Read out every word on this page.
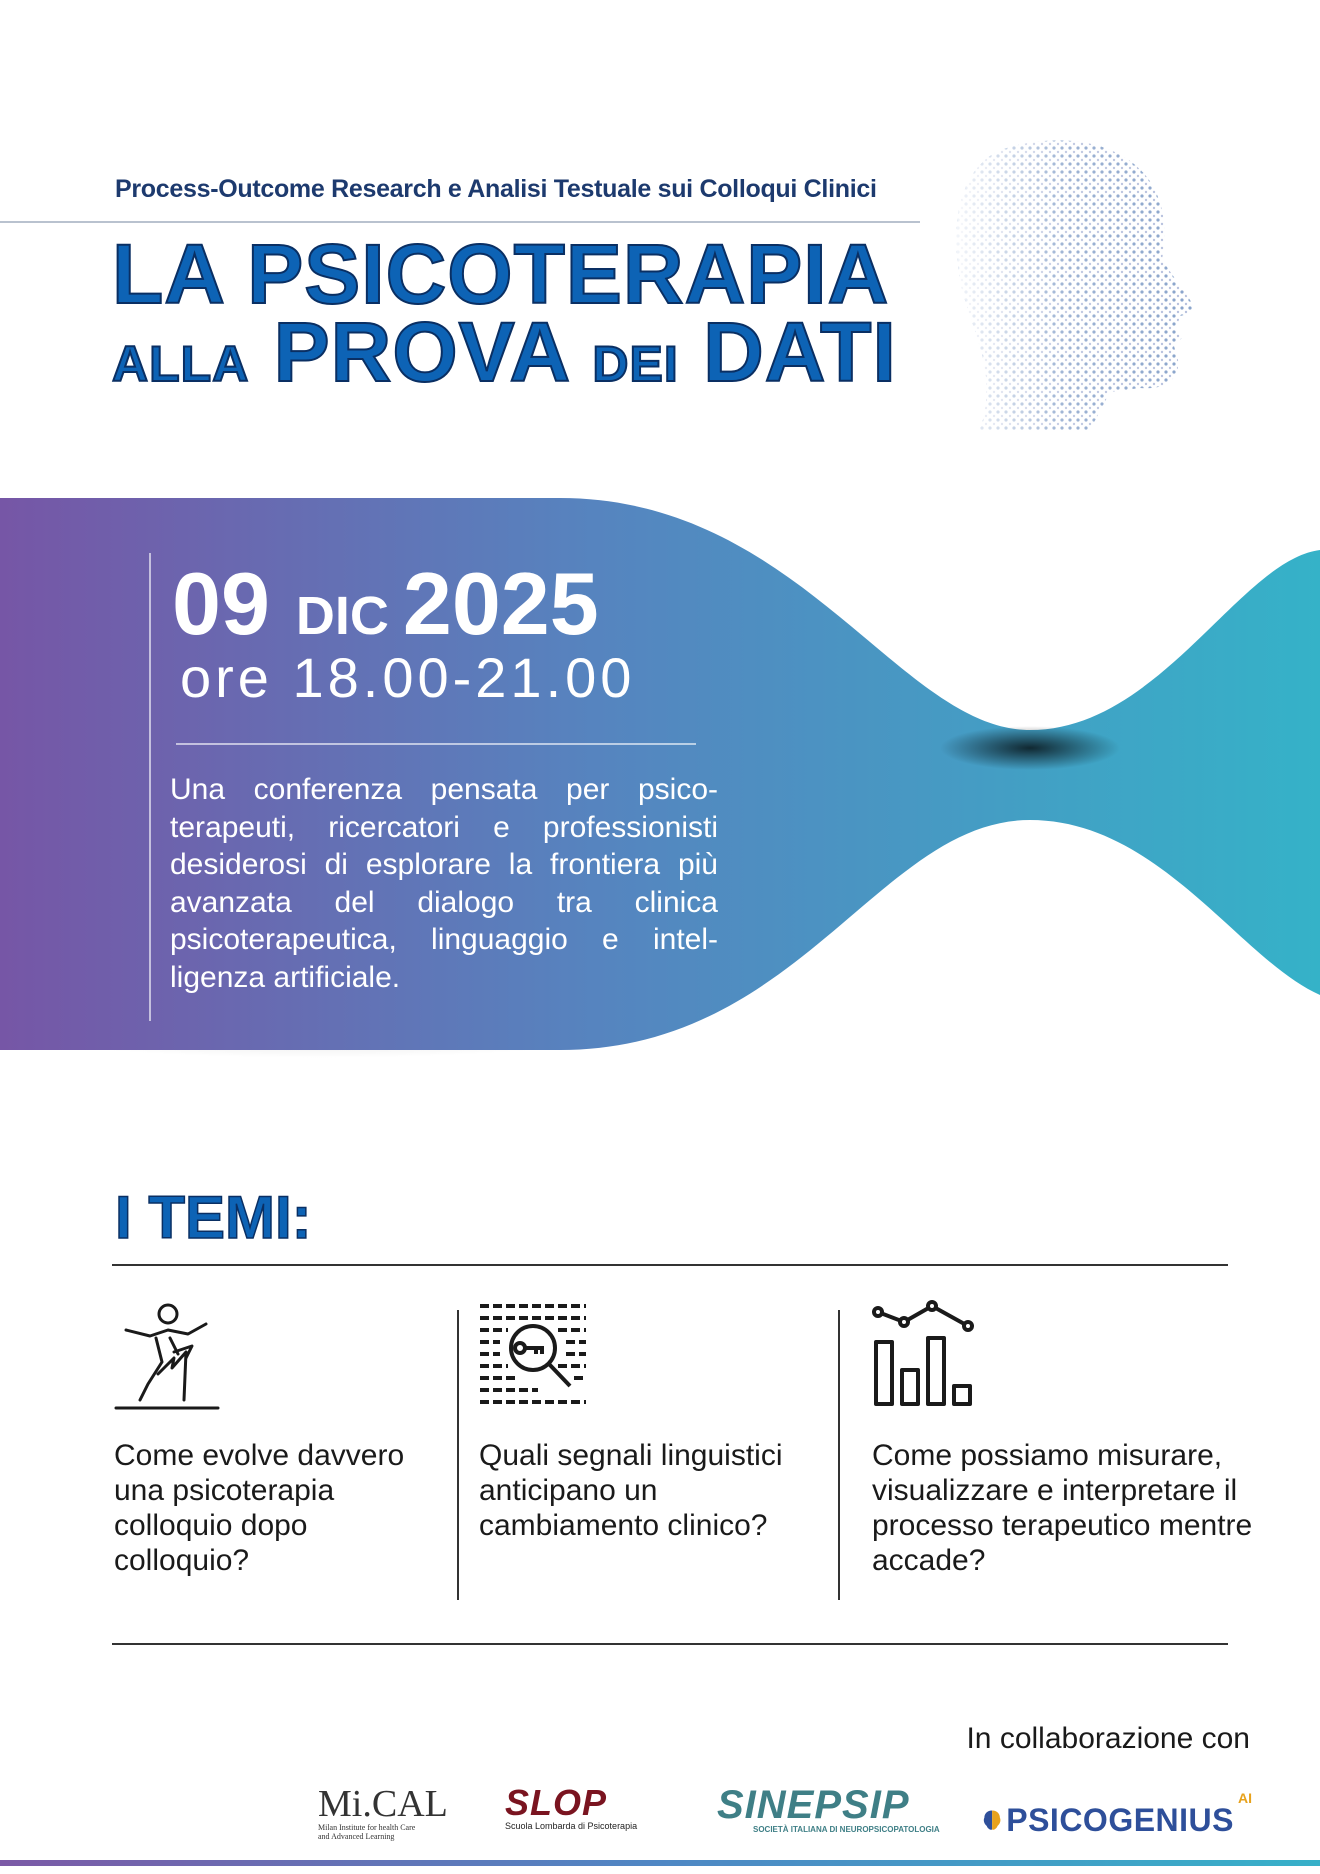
Process-Outcome Research e Analisi Testuale sui Colloqui Clinici
LA PSICOTERAPIA
ALLA PROVA DEI DATI
09 DIC 2025
ore 18.00-21.00
Una conferenza pensata per psico-terapeuti, ricercatori e professionisti desiderosi di esplorare la frontiera più avanzata del dialogo tra clinica psicoterapeutica, linguaggio e intel-ligenza artificiale.
I TEMI:
Come evolve davvero una psicoterapia colloquio dopo colloquio?
Quali segnali linguistici anticipano un cambiamento clinico?
Come possiamo misurare, visualizzare e interpretare il processo terapeutico mentre accade?
In collaborazione con
Mi.CAL
Milan Institute for health Care and Advanced Learning
SLOP
Scuola Lombarda di Psicoterapia SINEPSIP
SOCIETÀ ITALIANA DI NEUROPSICOPATOLOGIA PSICOGENIUS
AI
